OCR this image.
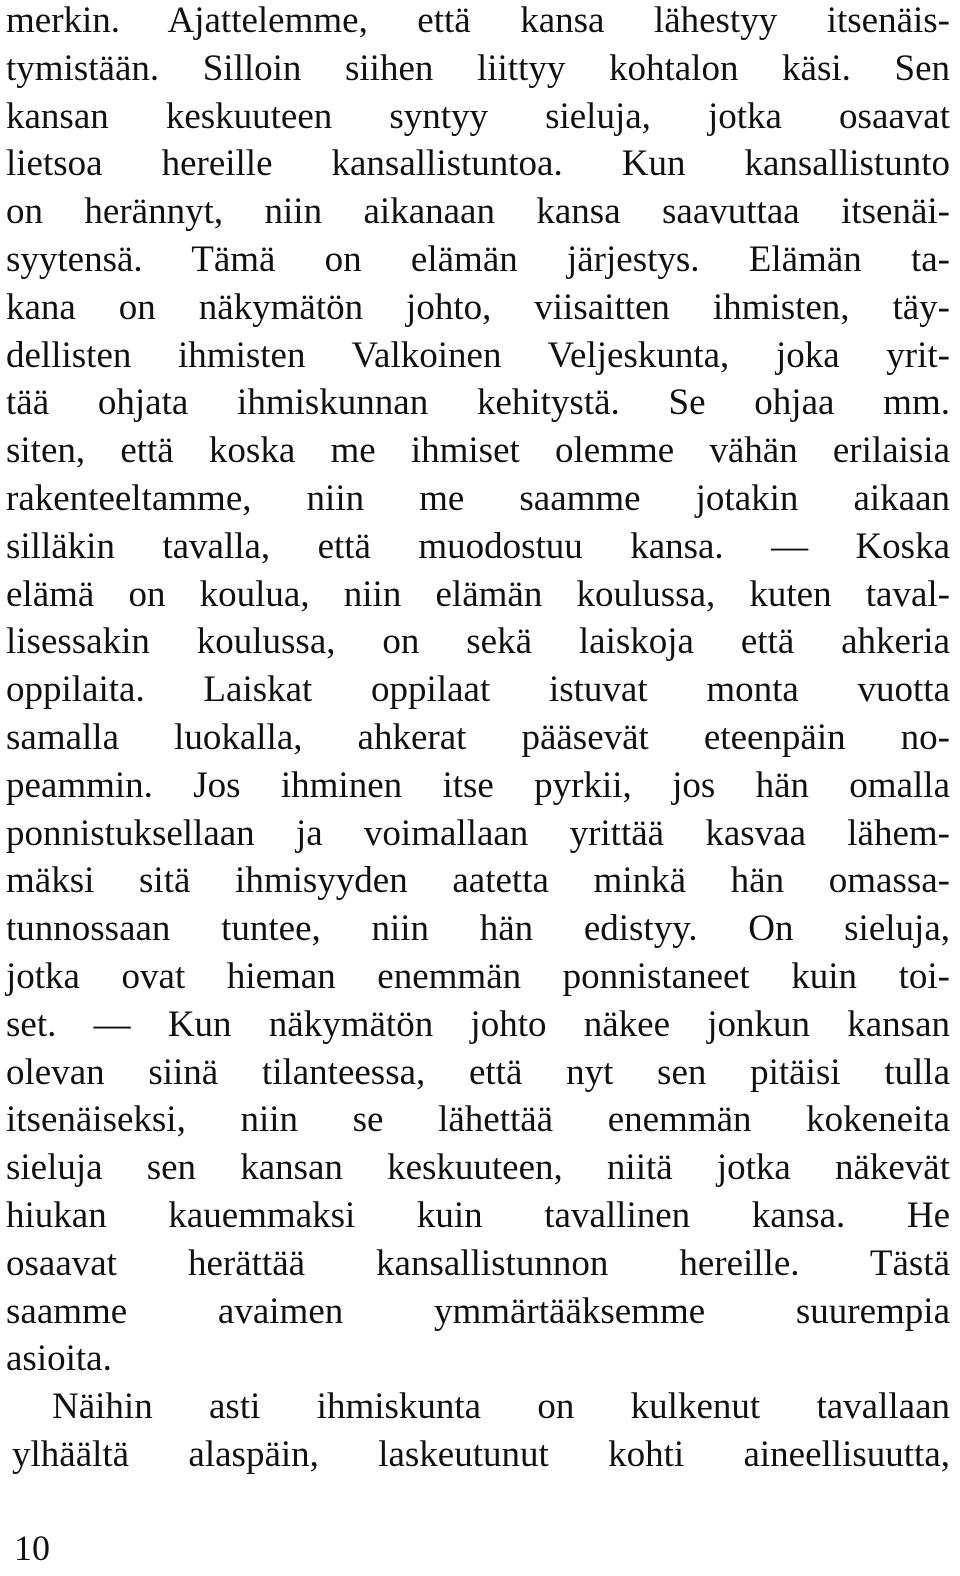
merkin. Ajattelemme, että kansa lähestyy itsenäis-
tymistään. Silloin siihen liittyy kohtalon käsi. Sen
kansan keskuuteen syntyy sieluja, jotka osaavat
lietsoa hereille kansallistuntoa. Kun kansallistunto
on herännyt, niin aikanaan kansa saavuttaa itsenäi-
syytensä. Tämä on elämän järjestys. Elämän ta-
kana on näkymätön johto, viisaitten ihmisten, täy-
dellisten ihmisten Valkoinen Veljeskunta, joka yrit-
tää ohjata ihmiskunnan kehitystä. Se ohjaa mm.
siten, että koska me ihmiset olemme vähän erilaisia
rakenteeltamme, niin me saamme jotakin aikaan
silläkin tavalla, että muodostuu kansa. — Koska
elämä on koulua, niin elämän koulussa, kuten taval-
lisessakin koulussa, on sekä laiskoja että ahkeria
oppilaita. Laiskat oppilaat istuvat monta vuotta
samalla luokalla, ahkerat pääsevät eteenpäin no-
peammin. Jos ihminen itse pyrkii, jos hän omalla
ponnistuksellaan ja voimallaan yrittää kasvaa lähem-
mäksi sitä ihmisyyden aatetta minkä hän omassa-
tunnossaan tuntee, niin hän edistyy. On sieluja,
jotka ovat hieman enemmän ponnistaneet kuin toi-
set. — Kun näkymätön johto näkee jonkun kansan
olevan siinä tilanteessa, että nyt sen pitäisi tulla
itsenäiseksi, niin se lähettää enemmän kokeneita
sieluja sen kansan keskuuteen, niitä jotka näkevät
hiukan kauemmaksi kuin tavallinen kansa. He
osaavat herättää kansallistunnon hereille. Tästä
saamme avaimen ymmärtääksemme suurempia
asioita.
Näihin asti ihmiskunta on kulkenut tavallaan
ylhäältä alaspäin, laskeutunut kohti aineellisuutta,
10
